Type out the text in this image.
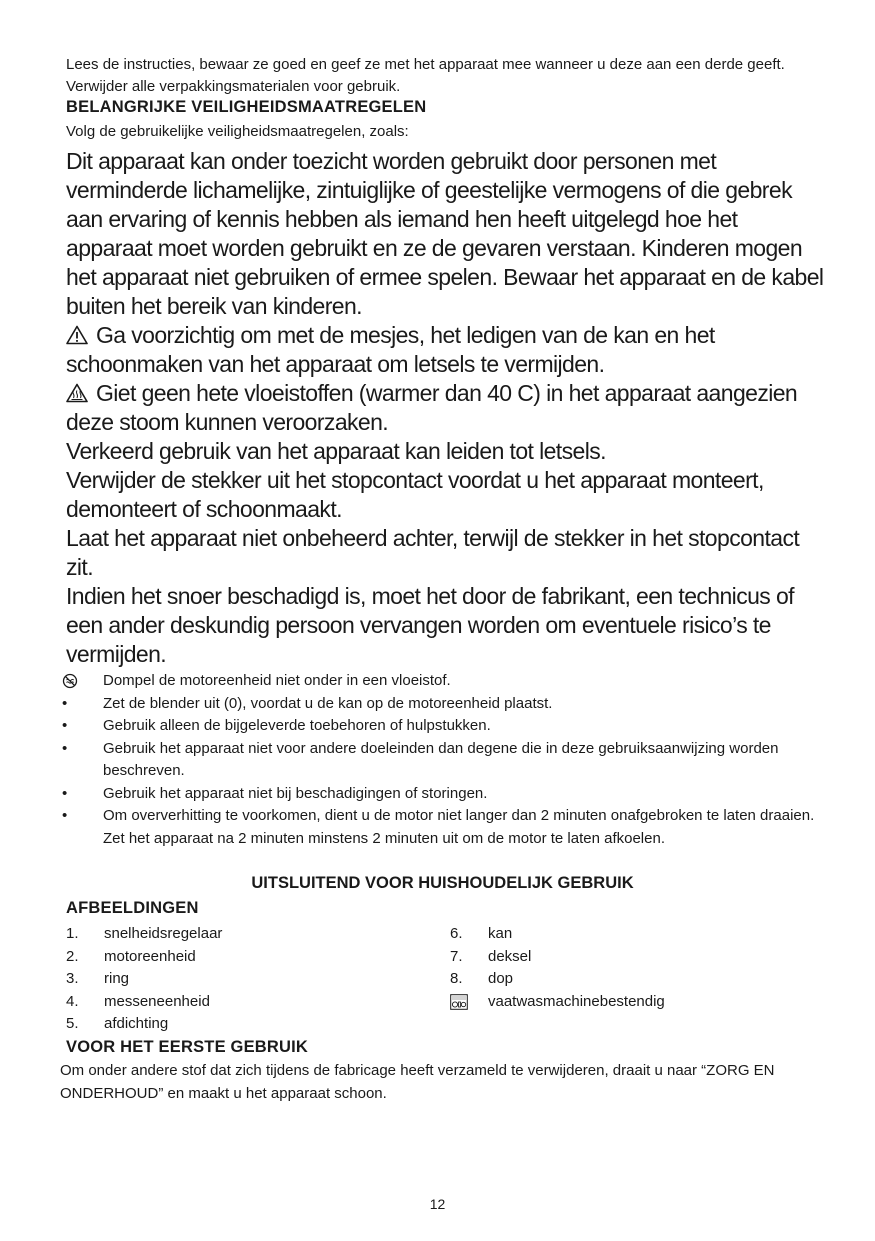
Lees de instructies, bewaar ze goed en geef ze met het apparaat mee wanneer u deze aan een derde geeft. Verwijder alle verpakkingsmaterialen voor gebruik.

BELANGRIJKE VEILIGHEIDSMAATREGELEN
Volg de gebruikelijke veiligheidsmaatregelen, zoals:

Dit apparaat kan onder toezicht worden gebruikt door personen met verminderde lichamelijke, zintuiglijke of geestelijke vermogens of die gebrek aan ervaring of kennis hebben als iemand hen heeft uitgelegd hoe het apparaat moet worden gebruikt en ze de gevaren verstaan. Kinderen mogen het apparaat niet gebruiken of ermee spelen. Bewaar het apparaat en de kabel buiten het bereik van kinderen.

Ga voorzichtig om met de mesjes, het ledigen van de kan en het schoonmaken van het apparaat om letsels te vermijden.

Giet geen hete vloeistoffen (warmer dan 40 C) in het apparaat aangezien deze stoom kunnen veroorzaken.

Verkeerd gebruik van het apparaat kan leiden tot letsels.

Verwijder de stekker uit het stopcontact voordat u het apparaat monteert, demonteert of schoonmaakt.

Laat het apparaat niet onbeheerd achter, terwijl de stekker in het stopcontact zit.

Indien het snoer beschadigd is, moet het door de fabrikant, een technicus of een ander deskundig persoon vervangen worden om eventuele risico’s te vermijden.

Dompel de motoreenheid niet onder in een vloeistof.
•	Zet de blender uit (0), voordat u de kan op de motoreenheid plaatst.
•	Gebruik alleen de bijgeleverde toebehoren of hulpstukken.
•	Gebruik het apparaat niet voor andere doeleinden dan degene die in deze gebruiksaanwijzing worden beschreven.
•	Gebruik het apparaat niet bij beschadigingen of storingen.
•	Om oververhitting te voorkomen, dient u de motor niet langer dan 2 minuten onafgebroken te laten draaien. Zet het apparaat na 2 minuten minstens 2 minuten uit om de motor te laten afkoelen.
UITSLUITEND VOOR HUISHOUDELIJK GEBRUIK
AFBEELDINGEN
1. snelheidsregelaar
2. motoreenheid
3. ring
4. messeneenheid
5. afdichting
6. kan
7. deksel
8. dop
vaatwasmachinebestendig
VOOR HET EERSTE GEBRUIK

Om onder andere stof dat zich tijdens de fabricage heeft verzameld te verwijderen, draait u naar “ZORG EN ONDERHOUD” en maakt u het apparaat schoon.

12
